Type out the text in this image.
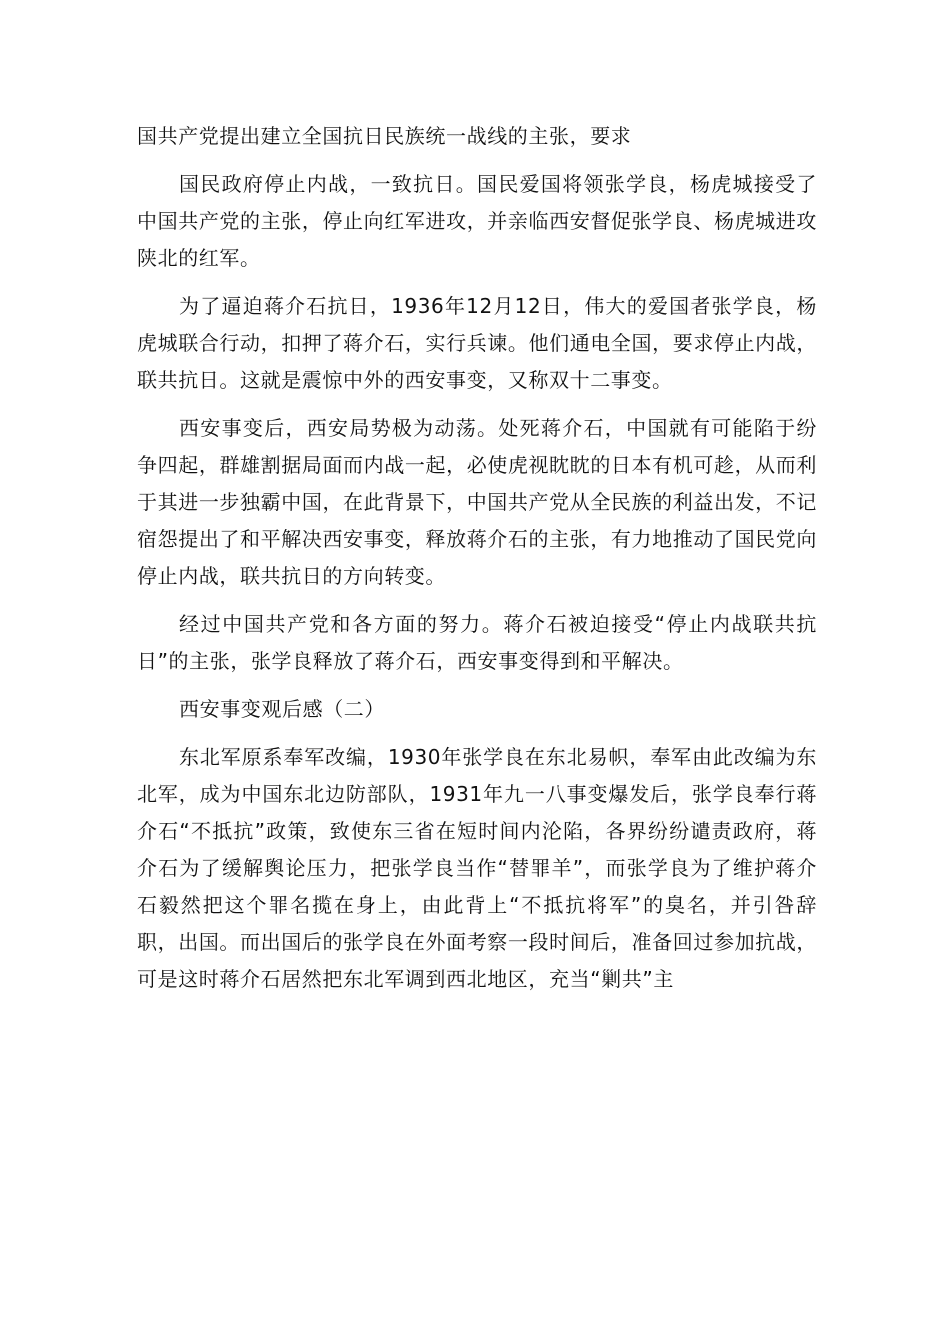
国共产党提出建立全国抗日民族统一战线的主张，要求

国民政府停止内战，一致抗日。国民爱国将领张学良，杨虎城接受了中国共产党的主张，停止向红军进攻，并亲临西安督促张学良、杨虎城进攻陕北的红军。

为了逼迫蒋介石抗日，1936年12月12日，伟大的爱国者张学良，杨虎城联合行动，扣押了蒋介石，实行兵谏。他们通电全国，要求停止内战，联共抗日。这就是震惊中外的西安事变，又称双十二事变。

西安事变后，西安局势极为动荡。处死蒋介石，中国就有可能陷于纷争四起，群雄割据局面而内战一起，必使虎视眈眈的日本有机可趁，从而利于其进一步独霸中国，在此背景下，中国共产党从全民族的利益出发，不记宿怨提出了和平解决西安事变，释放蒋介石的主张，有力地推动了国民党向停止内战，联共抗日的方向转变。

经过中国共产党和各方面的努力。蒋介石被迫接受“停止内战联共抗日”的主张，张学良释放了蒋介石，西安事变得到和平解决。

西安事变观后感（二）

东北军原系奉军改编，1930年张学良在东北易帜，奉军由此改编为东北军，成为中国东北边防部队，1931年九一八事变爆发后，张学良奉行蒋介石“不抵抗”政策，致使东三省在短时间内沦陷，各界纷纷谴责政府，蒋介石为了缓解舆论压力，把张学良当作“替罪羊”，而张学良为了维护蒋介石毅然把这个罪名揽在身上，由此背上“不抵抗将军”的臭名，并引咎辞职，出国。而出国后的张学良在外面考察一段时间后，准备回过参加抗战，可是这时蒋介石居然把东北军调到西北地区，充当“剿共”主
